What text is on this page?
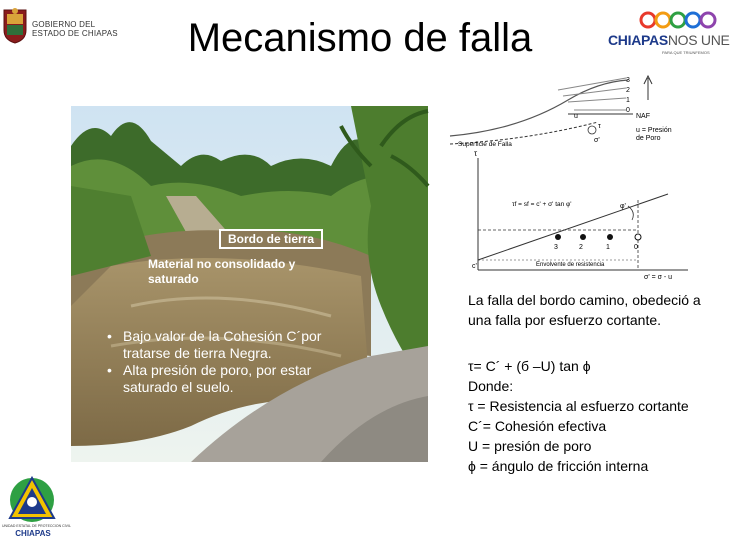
GOBIERNO DEL
ESTADO DE CHIAPAS	Mecanismo de falla	CHIAPASNOS UNE
PARA QUE TRIUNFEMOS
Bordo de tierra
Material no consolidado y saturado
• Bajo valor de la Cohesión C´por tratarse de tierra Negra.
• Alta presión de poro, por estar saturado el suelo.
3
2
1
0
NAF
u
τ
σ'
u = Presión
de Poro
Superficie de Falla
τ
τf = sf = c' + σ' tan φ'	φ'
c'
3	2	1	0
Envolvente de resistencia
σ' = σ - u

La falla del bordo camino, obedeció a una falla por esfuerzo cortante.

τ= C´ + (б –U) tan ϕ

Donde:

τ = Resistencia al esfuerzo cortante

C´= Cohesión efectiva

U = presión de poro

ϕ = ángulo de fricción interna

UNIDAD ESTATAL DE PROTECCION CIVIL
CHIAPAS
